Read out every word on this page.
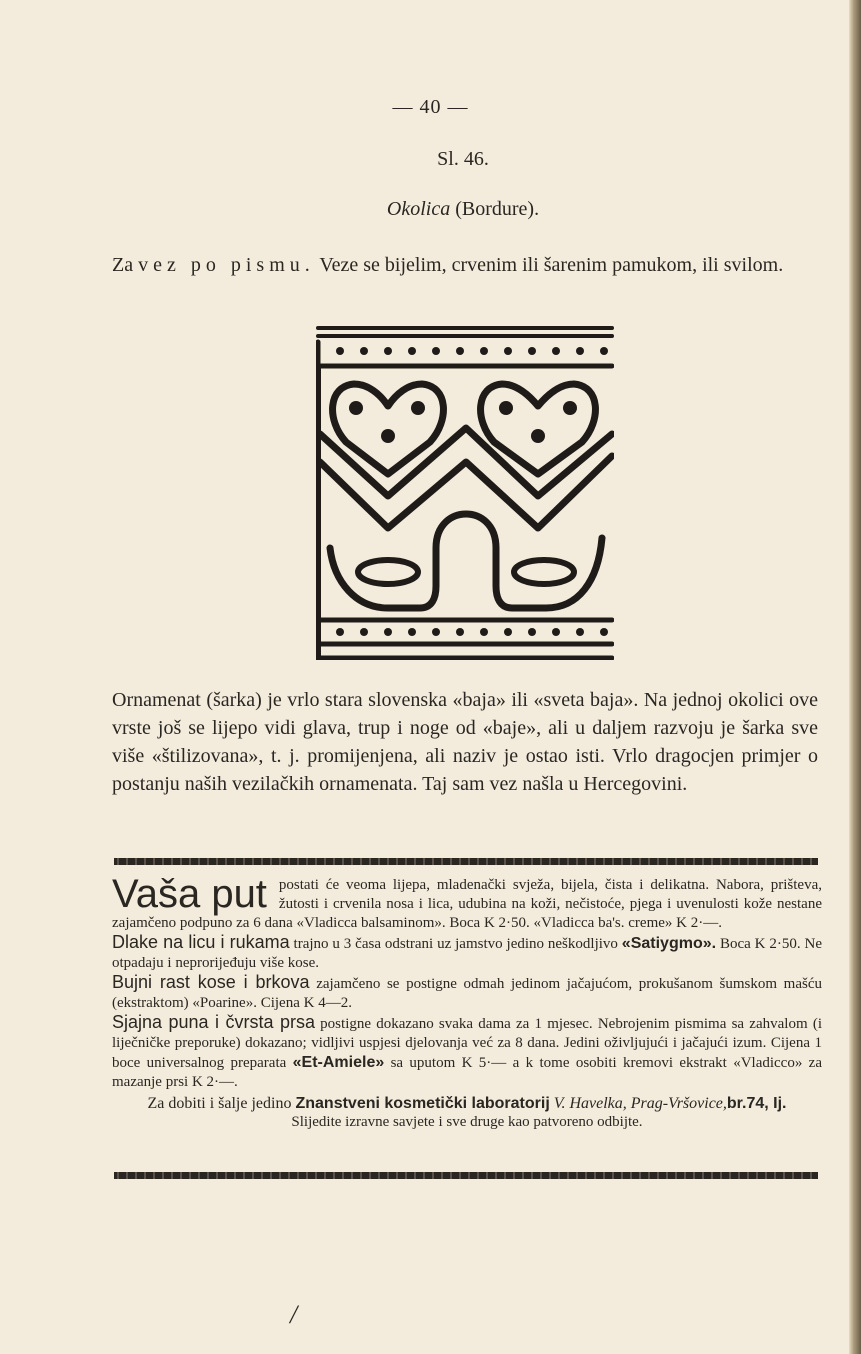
— 40 —
Sl. 46.
Okolica (Bordure).
Za vez po pismu. Veze se bijelim, crvenim ili šarenim pamukom, ili svilom.
Ornamenat (šarka) je vrlo stara slovenska «baja» ili «sveta baja». Na jednoj okolici ove vrste još se lijepo vidi glava, trup i noge od «baje», ali u daljem razvoju je šarka sve više «štilizovana», t. j. promijenjena, ali naziv je ostao isti. Vrlo dragocjen primjer o postanju naših vezilačkih ornamenata. Taj sam vez našla u Hercegovini.

Vaša put postati će veoma lijepa, mladenački svježa, bijela, čista i delikatna. Nabora, prišteva, žutosti i crvenila nosa i lica, udubina na koži, nečistoće, pjega i uvenulosti kože nestane zajamčeno podpuno za 6 dana «Vladicca balsaminom». Boca K 2·50. «Vladicca ba's. creme» K 2·—.

Dlake na licu i rukama trajno u 3 časa odstrani uz jamstvo jedino neškodljivo «Satiygmo». Boca K 2·50. Ne otpadaju i neprorijeđuju više kose.

Bujni rast kose i brkova zajamčeno se postigne odmah jedinom jačajućom, prokušanom šumskom mašću (ekstraktom) «Poarine». Cijena K 4—2.

Sjajna puna i čvrsta prsa postigne dokazano svaka dama za 1 mjesec. Nebrojenim pismima sa zahvalom (i liječničke preporuke) dokazano; vidljivi uspjesi djelovanja već za 8 dana. Jedini oživljujući i jačajući izum. Cijena 1 boce universalnog preparata «Et-Amiele» sa uputom K 5·— a k tome osobiti kremovi ekstrakt «Vladicco» za mazanje prsi K 2·—.

Za dobiti i šalje jedino Znanstveni kosmetički laboratorij V. Havelka, Prag-Vršovice,br.74, Ij.

Slijedite izravne savjete i sve druge kao patvoreno odbijte.

/
